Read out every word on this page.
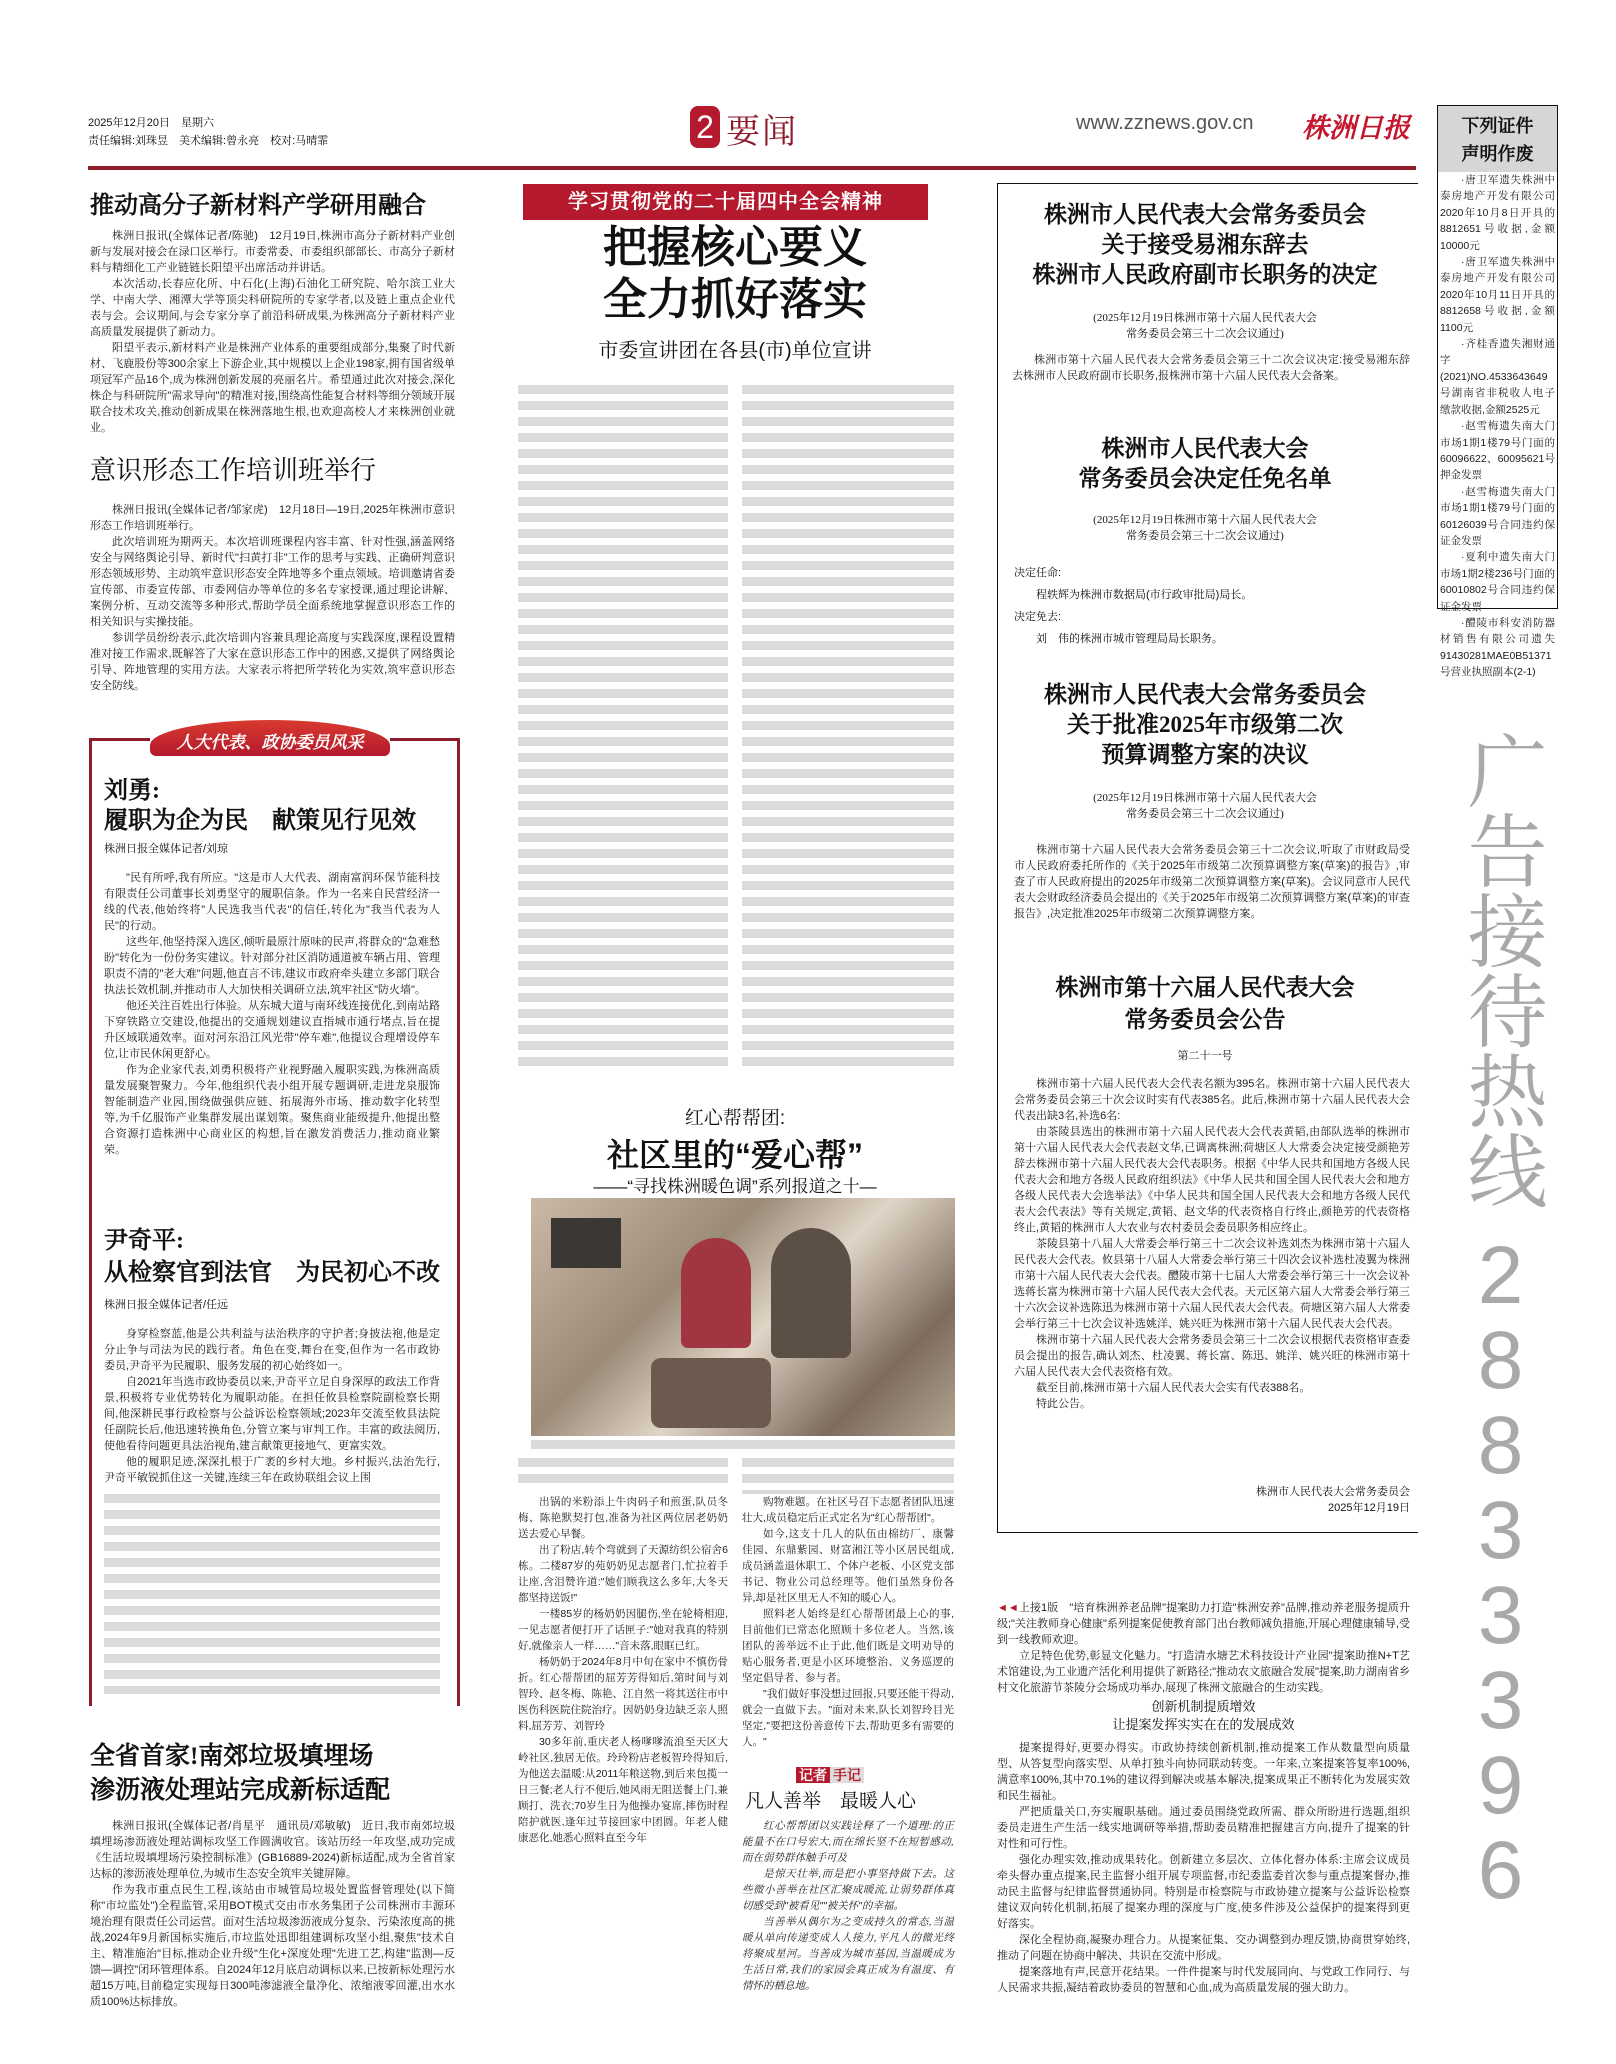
2025年12月20日　星期六
责任编辑:刘珠昱　美术编辑:曾永亮　校对:马晴霏	2 要闻	www.zznews.gov.cn 株洲日报
推动高分子新材料产学研用融合

株洲日报讯(全媒体记者/陈驰)　12月19日,株洲市高分子新材料产业创新与发展对接会在渌口区举行。市委常委、市委组织部部长、市高分子新材料与精细化工产业链链长阳望平出席活动并讲话。

本次活动,长春应化所、中石化(上海)石油化工研究院、哈尔滨工业大学、中南大学、湘潭大学等顶尖科研院所的专家学者,以及链上重点企业代表与会。会议期间,与会专家分享了前沿科研成果,为株洲高分子新材料产业高质量发展提供了新动力。

阳望平表示,新材料产业是株洲产业体系的重要组成部分,集聚了时代新材、飞鹿股份等300余家上下游企业,其中规模以上企业198家,拥有国省级单项冠军产品16个,成为株洲创新发展的亮丽名片。希望通过此次对接会,深化株企与科研院所"需求导向"的精准对接,围绕高性能复合材料等细分领域开展联合技术攻关,推动创新成果在株洲落地生根,也欢迎高校人才来株洲创业就业。

意识形态工作培训班举行

株洲日报讯(全媒体记者/邹家虎)　12月18日—19日,2025年株洲市意识形态工作培训班举行。

此次培训班为期两天。本次培训班课程内容丰富、针对性强,涵盖网络安全与网络舆论引导、新时代"扫黄打非"工作的思考与实践、正确研判意识形态领域形势、主动筑牢意识形态安全阵地等多个重点领域。培训邀请省委宣传部、市委宣传部、市委网信办等单位的多名专家授课,通过理论讲解、案例分析、互动交流等多种形式,帮助学员全面系统地掌握意识形态工作的相关知识与实操技能。

参训学员纷纷表示,此次培训内容兼具理论高度与实践深度,课程设置精准对接工作需求,既解答了大家在意识形态工作中的困惑,又提供了网络舆论引导、阵地管理的实用方法。大家表示将把所学转化为实效,筑牢意识形态安全防线。

人大代表、政协委员风采
刘勇:
履职为企为民　献策见行见效
株洲日报全媒体记者/刘琼

"民有所呼,我有所应。"这是市人大代表、湖南富润环保节能科技有限责任公司董事长刘勇坚守的履职信条。作为一名来自民营经济一线的代表,他始终将"人民选我当代表"的信任,转化为"我当代表为人民"的行动。

这些年,他坚持深入选区,倾听最原汁原味的民声,将群众的"急难愁盼"转化为一份份务实建议。针对部分社区消防通道被车辆占用、管理职责不清的"老大难"问题,他直言不讳,建议市政府牵头建立多部门联合执法长效机制,并推动市人大加快相关调研立法,筑牢社区"防火墙"。

他还关注百姓出行体验。从东城大道与南环线连接优化,到南站路下穿铁路立交建设,他提出的交通规划建议直指城市通行堵点,旨在提升区域联通效率。面对河东沿江风光带"停车难",他提议合理增设停车位,让市民休闲更舒心。

作为企业家代表,刘勇积极将产业视野融入履职实践,为株洲高质量发展聚智聚力。今年,他组织代表小组开展专题调研,走进龙泉服饰智能制造产业园,围绕做强供应链、拓展海外市场、推动数字化转型等,为千亿服饰产业集群发展出谋划策。聚焦商业能级提升,他提出整合资源打造株洲中心商业区的构想,旨在激发消费活力,推动商业繁荣。

尹奇平:
从检察官到法官　为民初心不改
株洲日报全媒体记者/任远

身穿检察蓝,他是公共利益与法治秩序的守护者;身披法袍,他是定分止争与司法为民的践行者。角色在变,舞台在变,但作为一名市政协委员,尹奇平为民履职、服务发展的初心始终如一。

自2021年当选市政协委员以来,尹奇平立足自身深厚的政法工作背景,积极将专业优势转化为履职动能。在担任攸县检察院副检察长期间,他深耕民事行政检察与公益诉讼检察领域;2023年交流至攸县法院任副院长后,他迅速转换角色,分管立案与审判工作。丰富的政法阅历,使他看待问题更具法治视角,建言献策更接地气、更富实效。

他的履职足迹,深深扎根于广袤的乡村大地。乡村振兴,法治先行,尹奇平敏锐抓住这一关键,连续三年在政协联组会议上围

全省首家!南郊垃圾填埋场
渗沥液处理站完成新标适配

株洲日报讯(全媒体记者/肖星平　通讯员/邓敏敏)　近日,我市南郊垃圾填埋场渗沥液处理站调标攻坚工作圆满收官。该站历经一年攻坚,成功完成《生活垃圾填埋场污染控制标准》(GB16889-2024)新标适配,成为全省首家达标的渗沥液处理单位,为城市生态安全筑牢关键屏障。

作为我市重点民生工程,该站由市城管局垃圾处置监督管理处(以下简称"市垃监处")全程监管,采用BOT模式交由市水务集团子公司株洲市丰源环境治理有限责任公司运营。面对生活垃圾渗沥液成分复杂、污染浓度高的挑战,2024年9月新国标实施后,市垃监处迅即组建调标攻坚小组,聚焦"技术自主、精准施治"目标,推动企业升级"生化+深度处理"先进工艺,构建"监测—反馈—调控"闭环管理体系。自2024年12月底启动调标以来,已按新标处理污水超15万吨,目前稳定实现每日300吨渗滤液全量净化、浓缩液零回灌,出水水质100%达标排放。

学习贯彻党的二十届四中全会精神
把握核心要义
全力抓好落实
市委宣讲团在各县(市)单位宣讲
红心帮帮团:
社区里的“爱心帮”
——“寻找株洲暖色调”系列报道之十—

出锅的米粉添上牛肉码子和煎蛋,队员冬梅、陈艳默契打包,准备为社区两位居老奶奶送去爱心早餐。

出了粉店,转个弯就到了天源纺织公宿舍6栋。二楼87岁的苑奶奶见志愿者门,忙拉着手让座,含泪赞许道:"她们顾我这么多年,大冬天都坚持送饭!"

一楼85岁的杨奶奶因腿伤,坐在轮椅相迎,一见志愿者便打开了话匣子:"她对我真的特别好,就像亲人一样……"音未落,眼眶已红。

杨奶奶于2024年8月中旬在家中不慎伤骨折。红心帮帮团的屈芳芳得知后,第时间与刘智玲、赵冬梅、陈艳、江自然一将其送往市中医伤科医院住院治疗。因奶奶身边缺乏亲人照料,屈芳芳、刘智玲

30多年前,重庆老人杨嗲嗲流浪至天区大岭社区,独居无依。玲玲粉店老板智玲得知后,为他送去温暖:从2011年粮送物,到后来包揽一日三餐;老人行不便后,她风雨无阻送餐上门,兼顾打、洗衣;70岁生日为他操办宴席,摔伤时程陪护就医,逢年过节接回家中团圆。年老人健康恶化,她悉心照料直至今年

购物难题。在社区号召下志愿者团队迅速壮大,成员稳定后正式定名为"红心帮帮团"。

如今,这支十几人的队伍由棉纺厂、康馨佳园、东鼎紫园、财富湘江等小区居民组成,成员涵盖退休职工、个体户老板、小区党支部书记、物业公司总经理等。他们虽然身份各异,却是社区里无人不知的暖心人。

照料老人始终是红心帮帮团最上心的事,目前他们已常态化照顾十多位老人。当然,该团队的善举远不止于此,他们既是文明劝导的贴心服务者,更是小区环境整治、义务巡逻的坚定倡导者、参与者。

"我们做好事没想过回报,只要还能干得动,就会一直做下去。"面对未来,队长刘智玲目光坚定,"要把这份善意传下去,帮助更多有需要的人。"

记者 手记
凡人善举　最暖人心

红心帮帮团以实践诠释了一个道理:的正能量不在口号宏大,而在绵长坚不在短暂感动,而在弱势群体触手可及

是惊天壮举,而是把小事坚持做下去。这些微小善举在社区汇聚成暖流,让弱势群体真切感受到"被看见""被关怀"的幸福。

当善举从偶尔为之变成持久的常态,当温暖从单向传递变成人人接力,平凡人的微光终将聚成星河。当善成为城市基因,当温暖成为生活日常,我们的家园会真正成为有温度、有情怀的栖息地。

株洲市人民代表大会常务委员会
关于接受易湘东辞去
株洲市人民政府副市长职务的决定
(2025年12月19日株洲市第十六届人民代表大会
常务委员会第三十二次会议通过)

株洲市第十六届人民代表大会常务委员会第三十二次会议决定:接受易湘东辞去株洲市人民政府副市长职务,报株洲市第十六届人民代表大会备案。

株洲市人民代表大会
常务委员会决定任免名单
(2025年12月19日株洲市第十六届人民代表大会
常务委员会第三十二次会议通过)
决定任命:
程轶辉为株洲市数据局(市行政审批局)局长。
决定免去:
刘　伟的株洲市城市管理局局长职务。
株洲市人民代表大会常务委员会
关于批准2025年市级第二次
预算调整方案的决议
(2025年12月19日株洲市第十六届人民代表大会
常务委员会第三十二次会议通过)

株洲市第十六届人民代表大会常务委员会第三十二次会议,听取了市财政局受市人民政府委托所作的《关于2025年市级第二次预算调整方案(草案)的报告》,审查了市人民政府提出的2025年市级第二次预算调整方案(草案)。会议同意市人民代表大会财政经济委员会提出的《关于2025年市级第二次预算调整方案(草案)的审查报告》,决定批准2025年市级第二次预算调整方案。

株洲市第十六届人民代表大会
常务委员会公告
第二十一号

株洲市第十六届人民代表大会代表名额为395名。株洲市第十六届人民代表大会常务委员会第三十次会议时实有代表385名。此后,株洲市第十六届人民代表大会代表出缺3名,补选6名:

由茶陵县选出的株洲市第十六届人民代表大会代表黄韬,由部队选举的株洲市第十六届人民代表大会代表赵文华,已调离株洲;荷塘区人大常委会决定接受颜艳芳辞去株洲市第十六届人民代表大会代表职务。根据《中华人民共和国地方各级人民代表大会和地方各级人民政府组织法》《中华人民共和国全国人民代表大会和地方各级人民代表大会选举法》《中华人民共和国全国人民代表大会和地方各级人民代表大会代表法》等有关规定,黄韬、赵文华的代表资格自行终止,颜艳芳的代表资格终止,黄韬的株洲市人大农业与农村委员会委员职务相应终止。

茶陵县第十八届人大常委会举行第三十二次会议补选刘杰为株洲市第十六届人民代表大会代表。攸县第十八届人大常委会举行第三十四次会议补选杜凌翼为株洲市第十六届人民代表大会代表。醴陵市第十七届人大常委会举行第三十一次会议补选蒋长富为株洲市第十六届人民代表大会代表。天元区第六届人大常委会举行第三十六次会议补选陈迅为株洲市第十六届人民代表大会代表。荷塘区第六届人大常委会举行第三十七次会议补选姚洋、姚兴旺为株洲市第十六届人民代表大会代表。

株洲市第十六届人民代表大会常务委员会第三十二次会议根据代表资格审查委员会提出的报告,确认刘杰、杜凌翼、蒋长富、陈迅、姚洋、姚兴旺的株洲市第十六届人民代表大会代表资格有效。

截至目前,株洲市第十六届人民代表大会实有代表388名。

特此公告。

株洲市人民代表大会常务委员会
2025年12月19日

◄◄上接1版　"培育株洲养老品牌"提案助力打造"株洲安养"品牌,推动养老服务提质升级;"关注教师身心健康"系列提案促使教育部门出台教师减负措施,开展心理健康辅导,受到一线教师欢迎。

立足特色优势,彰显文化魅力。"打造清水塘艺术科技设计产业园"提案助推N+T艺术馆建设,为工业遗产活化利用提供了新路径;"推动农文旅融合发展"提案,助力湖南省乡村文化旅游节茶陵分会场成功举办,展现了株洲文旅融合的生动实践。

创新机制提质增效
让提案发挥实实在在的发展成效

提案提得好,更要办得实。市政协持续创新机制,推动提案工作从数量型向质量型、从答复型向落实型、从单打独斗向协同联动转变。一年来,立案提案答复率100%,满意率100%,其中70.1%的建议得到解决或基本解决,提案成果正不断转化为发展实效和民生福祉。

严把质量关口,夯实履职基础。通过委员围绕党政所需、群众所盼进行选题,组织委员走进生产生活一线实地调研等举措,帮助委员精准把握建言方向,提升了提案的针对性和可行性。

强化办理实效,推动成果转化。创新建立多层次、立体化督办体系:主席会议成员牵头督办重点提案,民主监督小组开展专项监督,市纪委监委首次参与重点提案督办,推动民主监督与纪律监督贯通协同。特别是市检察院与市政协建立提案与公益诉讼检察建议双向转化机制,拓展了提案办理的深度与广度,使多件涉及公益保护的提案得到更好落实。

深化全程协商,凝聚办理合力。从提案征集、交办调整到办理反馈,协商贯穿始终,推动了问题在协商中解决、共识在交流中形成。

提案落地有声,民意开花结果。一件件提案与时代发展同向、与党政工作同行、与人民需求共振,凝结着政协委员的智慧和心血,成为高质量发展的强大助力。

下列证件
声明作废

·唐卫军遗失株洲中泰房地产开发有限公司2020年10月8日开具的8812651号收据,金额10000元

·唐卫军遗失株洲中泰房地产开发有限公司2020年10月11日开具的8812658号收据,金额1100元

·齐桂香遗失湘财通字(2021)NO.4533643649号湖南省非税收人电子缴款收据,金额2525元

·赵雪梅遗失南大门市场1期1楼79号门面的60096622、60095621号押金发票

·赵雪梅遗失南大门市场1期1楼79号门面的60126039号合同违约保证金发票

·夏利中遗失南大门市场1期2楼236号门面的60010802号合同违约保证金发票

·醴陵市科安消防器材销售有限公司遗失91430281MAE0B51371号营业执照副本(2-1)

广告接待热线
28833396
